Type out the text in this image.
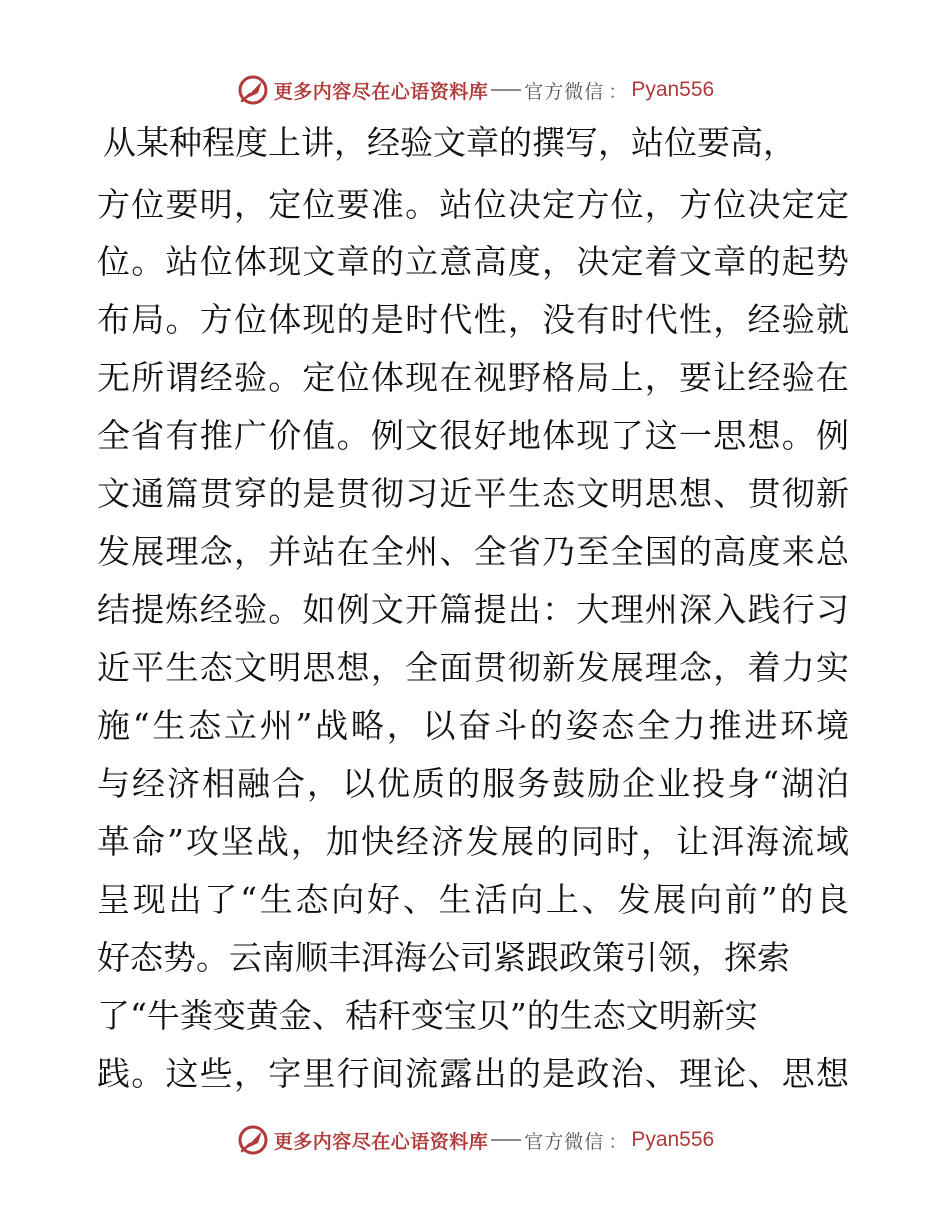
更多内容尽在心语资料库 官方微信 ： Pyan556
从某种程度上讲，经验文章的撰写，站位要高，
方位要明，定位要准。站位决定方位，方位决定定
位。站位体现文章的立意高度，决定着文章的起势
布局。方位体现的是时代性，没有时代性，经验就
无所谓经验。定位体现在视野格局上，要让经验在
全省有推广价值。例文很好地体现了这一思想。例
文通篇贯穿的是贯彻习近平生态文明思想、贯彻新
发展理念，并站在全州、全省乃至全国的高度来总
结提炼经验。如例文开篇提出：大理州深入践行习
近平生态文明思想，全面贯彻新发展理念，着力实
施“生态立州”战略，以奋斗的姿态全力推进环境
与经济相融合，以优质的服务鼓励企业投身“湖泊
革命”攻坚战，加快经济发展的同时，让洱海流域
呈现出了“生态向好、生活向上、发展向前”的良
好态势。云南顺丰洱海公司紧跟政策引领，探索
了“牛粪变黄金、秸秆变宝贝”的生态文明新实
践。这些，字里行间流露出的是政治、理论、思想
更多内容尽在心语资料库 官方微信 ： Pyan556
